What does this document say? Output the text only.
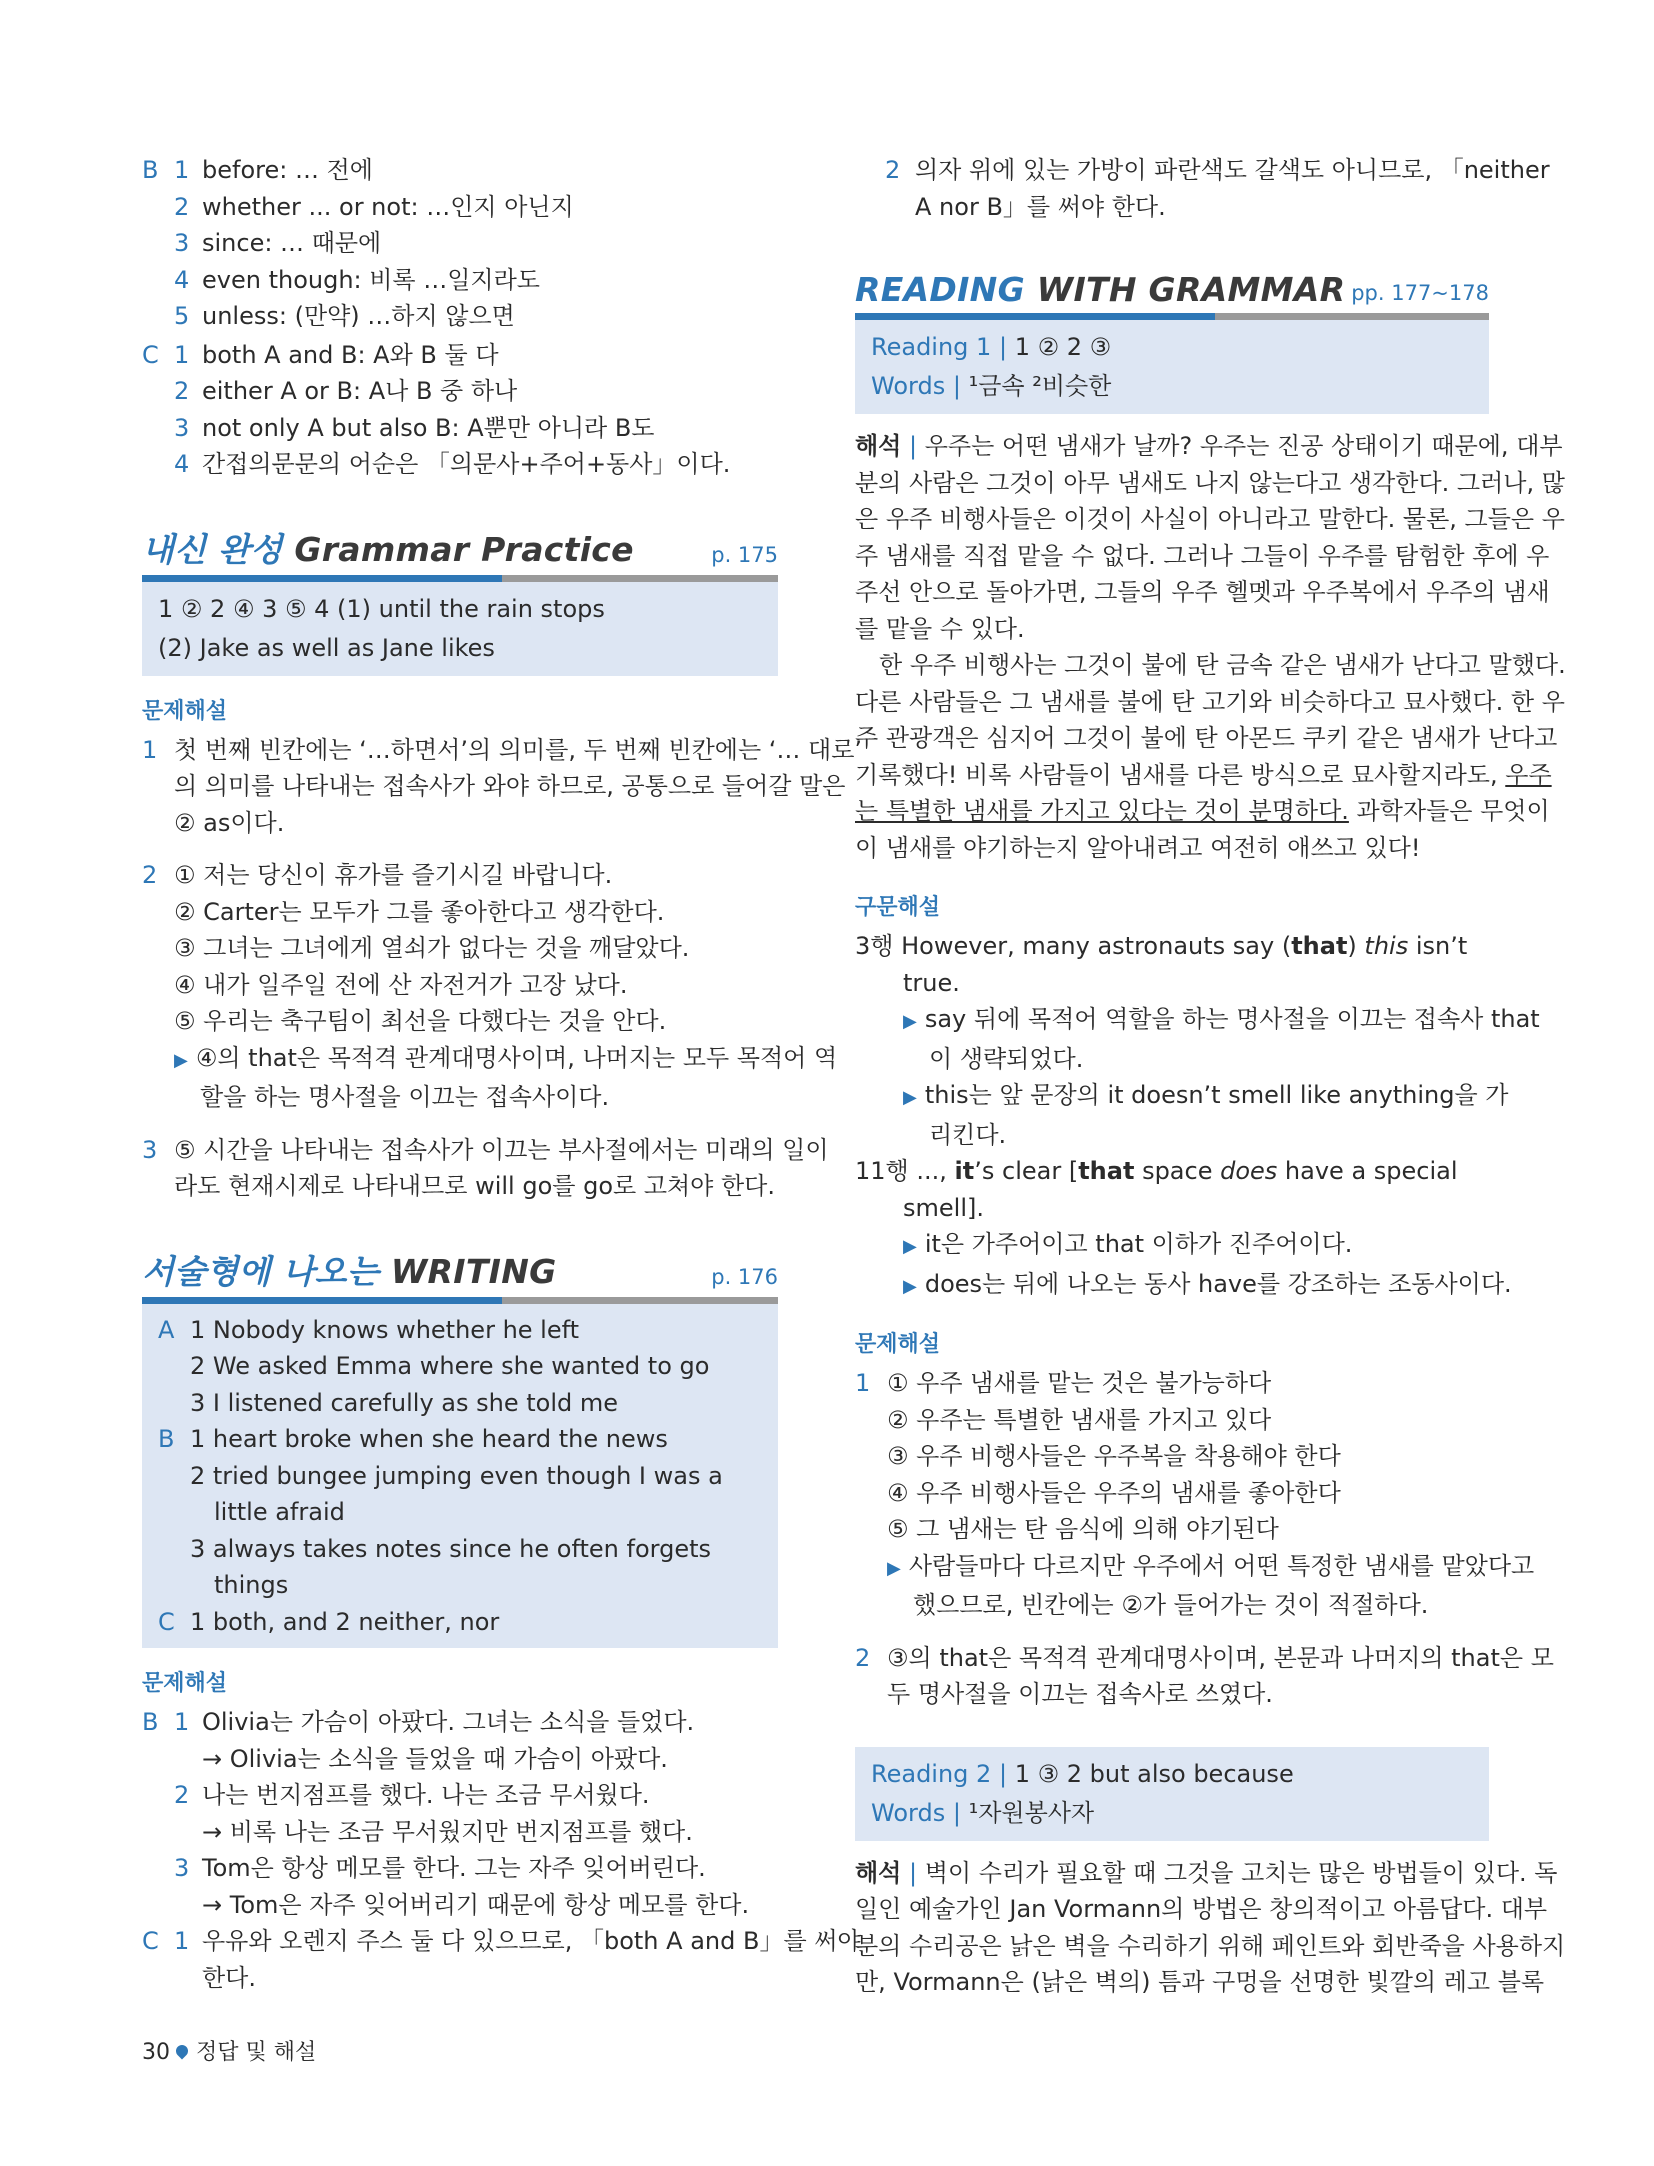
B 1 before: … 전에
2 whether ... or not: …인지 아닌지
3 since: … 때문에
4 even though: 비록 …일지라도
5 unless: (만약) …하지 않으면
C 1 both A and B: A와 B 둘 다
2 either A or B: A나 B 중 하나
3 not only A but also B: A뿐만 아니라 B도
4 간접의문문의 어순은 「의문사+주어+동사」이다.
내신 완성 Grammar Practice	p. 175
1 ② 2 ④ 3 ⑤ 4 (1) until the rain stops
(2) Jake as well as Jane likes
문제해설
1 첫 번째 빈칸에는 ‘…하면서’의 의미를, 두 번째 빈칸에는 ‘… 대로’
의 의미를 나타내는 접속사가 와야 하므로, 공통으로 들어갈 말은
② as이다.
2 ① 저는 당신이 휴가를 즐기시길 바랍니다.
② Carter는 모두가 그를 좋아한다고 생각한다.
③ 그녀는 그녀에게 열쇠가 없다는 것을 깨달았다.
④ 내가 일주일 전에 산 자전거가 고장 났다.
⑤ 우리는 축구팀이 최선을 다했다는 것을 안다.
▶ ④의 that은 목적격 관계대명사이며, 나머지는 모두 목적어 역
할을 하는 명사절을 이끄는 접속사이다.
3 ⑤ 시간을 나타내는 접속사가 이끄는 부사절에서는 미래의 일이
라도 현재시제로 나타내므로 will go를 go로 고쳐야 한다.
서술형에 나오는 WRITING	p. 176
A 1 Nobody knows whether he left
2 We asked Emma where she wanted to go
3 I listened carefully as she told me
B 1 heart broke when she heard the news
2 tried bungee jumping even though I was a
little afraid
3 always takes notes since he often forgets
things
C 1 both, and 2 neither, nor
문제해설
B 1 Olivia는 가슴이 아팠다. 그녀는 소식을 들었다.
→ Olivia는 소식을 들었을 때 가슴이 아팠다.
2 나는 번지점프를 했다. 나는 조금 무서웠다.
→ 비록 나는 조금 무서웠지만 번지점프를 했다.
3 Tom은 항상 메모를 한다. 그는 자주 잊어버린다.
→ Tom은 자주 잊어버리기 때문에 항상 메모를 한다.
C 1 우유와 오렌지 주스 둘 다 있으므로, 「both A and B」를 써야
한다.
2 의자 위에 있는 가방이 파란색도 갈색도 아니므로, 「neither
A nor B」를 써야 한다.
READING WITH GRAMMAR pp. 177~178
Reading 1 | 1 ② 2 ③
Words | ¹금속 ²비슷한
해석 | 우주는 어떤 냄새가 날까? 우주는 진공 상태이기 때문에, 대부
분의 사람은 그것이 아무 냄새도 나지 않는다고 생각한다. 그러나, 많
은 우주 비행사들은 이것이 사실이 아니라고 말한다. 물론, 그들은 우
주 냄새를 직접 맡을 수 없다. 그러나 그들이 우주를 탐험한 후에 우
주선 안으로 돌아가면, 그들의 우주 헬멧과 우주복에서 우주의 냄새
를 맡을 수 있다.
한 우주 비행사는 그것이 불에 탄 금속 같은 냄새가 난다고 말했다.
다른 사람들은 그 냄새를 불에 탄 고기와 비슷하다고 묘사했다. 한 우
주 관광객은 심지어 그것이 불에 탄 아몬드 쿠키 같은 냄새가 난다고
기록했다! 비록 사람들이 냄새를 다른 방식으로 묘사할지라도, 우주
는 특별한 냄새를 가지고 있다는 것이 분명하다. 과학자들은 무엇이
이 냄새를 야기하는지 알아내려고 여전히 애쓰고 있다!
구문해설
3행 However, many astronauts say (that) this isn’t
true.
▶ say 뒤에 목적어 역할을 하는 명사절을 이끄는 접속사 that
이 생략되었다.
▶ this는 앞 문장의 it doesn’t smell like anything을 가
리킨다.
11행 ..., it’s clear [that space does have a special
smell].
▶ it은 가주어이고 that 이하가 진주어이다.
▶ does는 뒤에 나오는 동사 have를 강조하는 조동사이다.
문제해설
1 ① 우주 냄새를 맡는 것은 불가능하다
② 우주는 특별한 냄새를 가지고 있다
③ 우주 비행사들은 우주복을 착용해야 한다
④ 우주 비행사들은 우주의 냄새를 좋아한다
⑤ 그 냄새는 탄 음식에 의해 야기된다
▶ 사람들마다 다르지만 우주에서 어떤 특정한 냄새를 맡았다고
했으므로, 빈칸에는 ②가 들어가는 것이 적절하다.
2 ③의 that은 목적격 관계대명사이며, 본문과 나머지의 that은 모
두 명사절을 이끄는 접속사로 쓰였다.
Reading 2 | 1 ③ 2 but also because
Words | ¹자원봉사자
해석 | 벽이 수리가 필요할 때 그것을 고치는 많은 방법들이 있다. 독
일인 예술가인 Jan Vormann의 방법은 창의적이고 아름답다. 대부
분의 수리공은 낡은 벽을 수리하기 위해 페인트와 회반죽을 사용하지
만, Vormann은 (낡은 벽의) 틈과 구멍을 선명한 빛깔의 레고 블록
30 정답 및 해설
